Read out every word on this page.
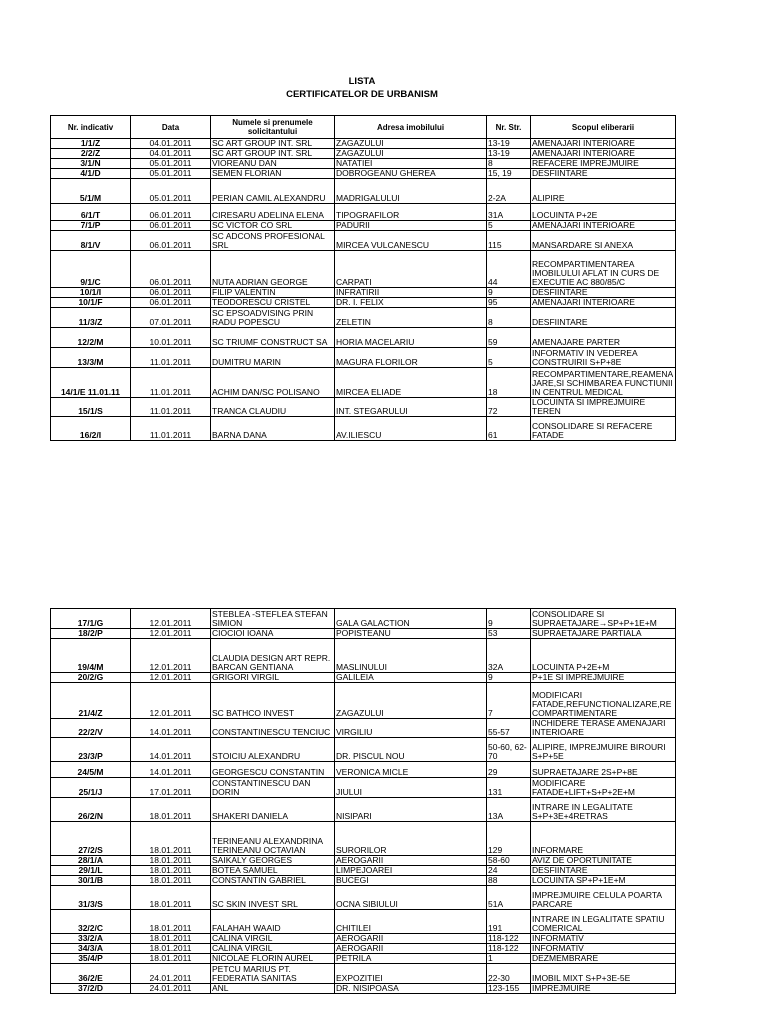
LISTA
CERTIFICATELOR DE URBANISM
Nr. indicativ	Data	Numele si prenumele solicitantului	Adresa imobilului	Nr. Str.	Scopul eliberarii
1/1/Z	04.01.2011	SC ART GROUP INT. SRL	ZAGAZULUI	13-19	AMENAJARI INTERIOARE
2/2/Z	04.01.2011	SC ART GROUP INT. SRL	ZAGAZULUI	13-19	AMENAJARI INTERIOARE
3/1/N	05.01.2011	VIOREANU DAN	NATATIEI	8	REFACERE IMPREJMUIRE
4/1/D	05.01.2011	SEMEN FLORIAN	DOBROGEANU GHEREA	15, 19	DESFIINTARE
5/1/M	05.01.2011	PERIAN CAMIL ALEXANDRU	MADRIGALULUI	2-2A	ALIPIRE
6/1/T	06.01.2011	CIRESARU ADELINA ELENA	TIPOGRAFILOR	31A	LOCUINTA P+2E
7/1/P	06.01.2011	SC VICTOR CO SRL	PADURII	5	AMENAJARI INTERIOARE
8/1/V	06.01.2011	SC ADCONS PROFESIONAL SRL	MIRCEA VULCANESCU	115	MANSARDARE SI ANEXA
9/1/C	06.01.2011	NUTA ADRIAN GEORGE	CARPATI	44	RECOMPARTIMENTAREA IMOBILULUI AFLAT IN CURS DE EXECUTIE AC 880/85/C
10/1/I	06.01.2011	FILIP VALENTIN	INFRATIRII	9	DESFIINTARE
10/1/F	06.01.2011	TEODORESCU CRISTEL	DR. I. FELIX	95	AMENAJARI INTERIOARE
11/3/Z	07.01.2011	SC EPSOADVISING PRIN RADU POPESCU	ZELETIN	8	DESFIINTARE
12/2/M	10.01.2011	SC TRIUMF CONSTRUCT SA	HORIA MACELARIU	59	AMENAJARE PARTER
13/3/M	11.01.2011	DUMITRU MARIN	MAGURA FLORILOR	5	INFORMATIV IN VEDEREA CONSTRUIRII S+P+8E
14/1/E 11.01.11	11.01.2011	ACHIM DAN/SC POLISANO	MIRCEA ELIADE	18	RECOMPARTIMENTARE,REAMENAJARE,SI SCHIMBAREA FUNCTIUNII IN CENTRUL MEDICAL
15/1/S	11.01.2011	TRANCA CLAUDIU	INT. STEGARULUI	72	LOCUINTA SI IMPREJMUIRE TEREN
16/2/I	11.01.2011	BARNA DANA	AV.ILIESCU	61	CONSOLIDARE SI REFACERE FATADE
17/1/G	12.01.2011	STEBLEA -STEFLEA STEFAN SIMION	GALA GALACTION	9	CONSOLIDARE SI SUPRAETAJARE→SP+P+1E+M
18/2/P	12.01.2011	CIOCIOI IOANA	POPISTEANU	53	SUPRAETAJARE PARTIALA
19/4/M	12.01.2011	CLAUDIA DESIGN ART REPR. BARCAN GENTIANA	MASLINULUI	32A	LOCUINTA P+2E+M
20/2/G	12.01.2011	GRIGORI VIRGIL	GALILEIA	9	P+1E SI IMPREJMUIRE
21/4/Z	12.01.2011	SC BATHCO INVEST	ZAGAZULUI	7	MODIFICARI FATADE,REFUNCTIONALIZARE,RECOMPARTIMENTARE
22/2/V	14.01.2011	CONSTANTINESCU TENCIUC	VIRGILIU	55-57	INCHIDERE TERASE AMENAJARI INTERIOARE
23/3/P	14.01.2011	STOICIU ALEXANDRU	DR. PISCUL NOU	50-60, 62-70	ALIPIRE, IMPREJMUIRE BIROURI S+P+5E
24/5/M	14.01.2011	GEORGESCU CONSTANTIN	VERONICA MICLE	29	SUPRAETAJARE 2S+P+8E
25/1/J	17.01.2011	CONSTANTINESCU DAN DORIN	JIULUI	131	MODIFICARE FATADE+LIFT+S+P+2E+M
26/2/N	18.01.2011	SHAKERI DANIELA	NISIPARI	13A	INTRARE IN LEGALITATE S+P+3E+4RETRAS
27/2/S	18.01.2011	TERINEANU ALEXANDRINA TERINEANU OCTAVIAN	SURORILOR	129	INFORMARE
28/1/A	18.01.2011	SAIKALY GEORGES	AEROGARII	58-60	AVIZ DE OPORTUNITATE
29/1/L	18.01.2011	BOTEA SAMUEL	LIMPEJOAREI	24	DESFIINTARE
30/1/B	18.01.2011	CONSTANTIN GABRIEL	BUCEGI	88	LOCUINTA SP+P+1E+M
31/3/S	18.01.2011	SC SKIN INVEST SRL	OCNA SIBIULUI	51A	IMPREJMUIRE CELULA POARTA PARCARE
32/2/C	18.01.2011	FALAHAH WAAID	CHITILEI	191	INTRARE IN LEGALITATE SPATIU COMERICAL
33/2/A	18.01.2011	CALINA VIRGIL	AEROGARII	118-122	INFORMATIV
34/3/A	18.01.2011	CALINA VIRGIL	AEROGARII	118-122	INFORMATIV
35/4/P	18.01.2011	NICOLAE FLORIN AUREL	PETRILA	1	DEZMEMBRARE
36/2/E	24.01.2011	PETCU MARIUS PT. FEDERATIA SANITAS	EXPOZITIEI	22-30	IMOBIL MIXT S+P+3E-5E
37/2/D	24.01.2011	ANL	DR. NISIPOASA	123-155	IMPREJMUIRE
